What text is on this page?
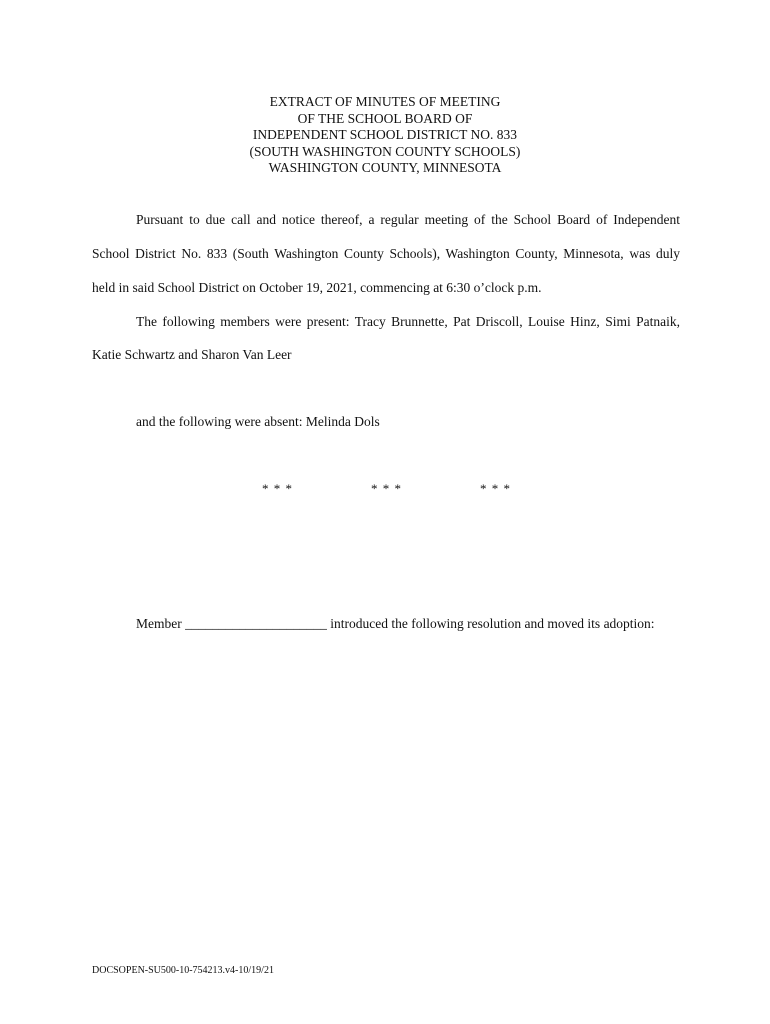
EXTRACT OF MINUTES OF MEETING
OF THE SCHOOL BOARD OF
INDEPENDENT SCHOOL DISTRICT NO. 833
(SOUTH WASHINGTON COUNTY SCHOOLS)
WASHINGTON COUNTY, MINNESOTA
Pursuant to due call and notice thereof, a regular meeting of the School Board of Independent
School District No. 833 (South Washington County Schools), Washington County, Minnesota, was duly
held in said School District on October 19, 2021, commencing at 6:30 o’clock p.m.
The following members were present: Tracy Brunnette, Pat Driscoll, Louise Hinz, Simi Patnaik,
Katie Schwartz and Sharon Van Leer
and the following were absent: Melinda Dols
* * *	* * *	* * *
Member _____________________ introduced the following resolution and moved its adoption:
DOCSOPEN-SU500-10-754213.v4-10/19/21
